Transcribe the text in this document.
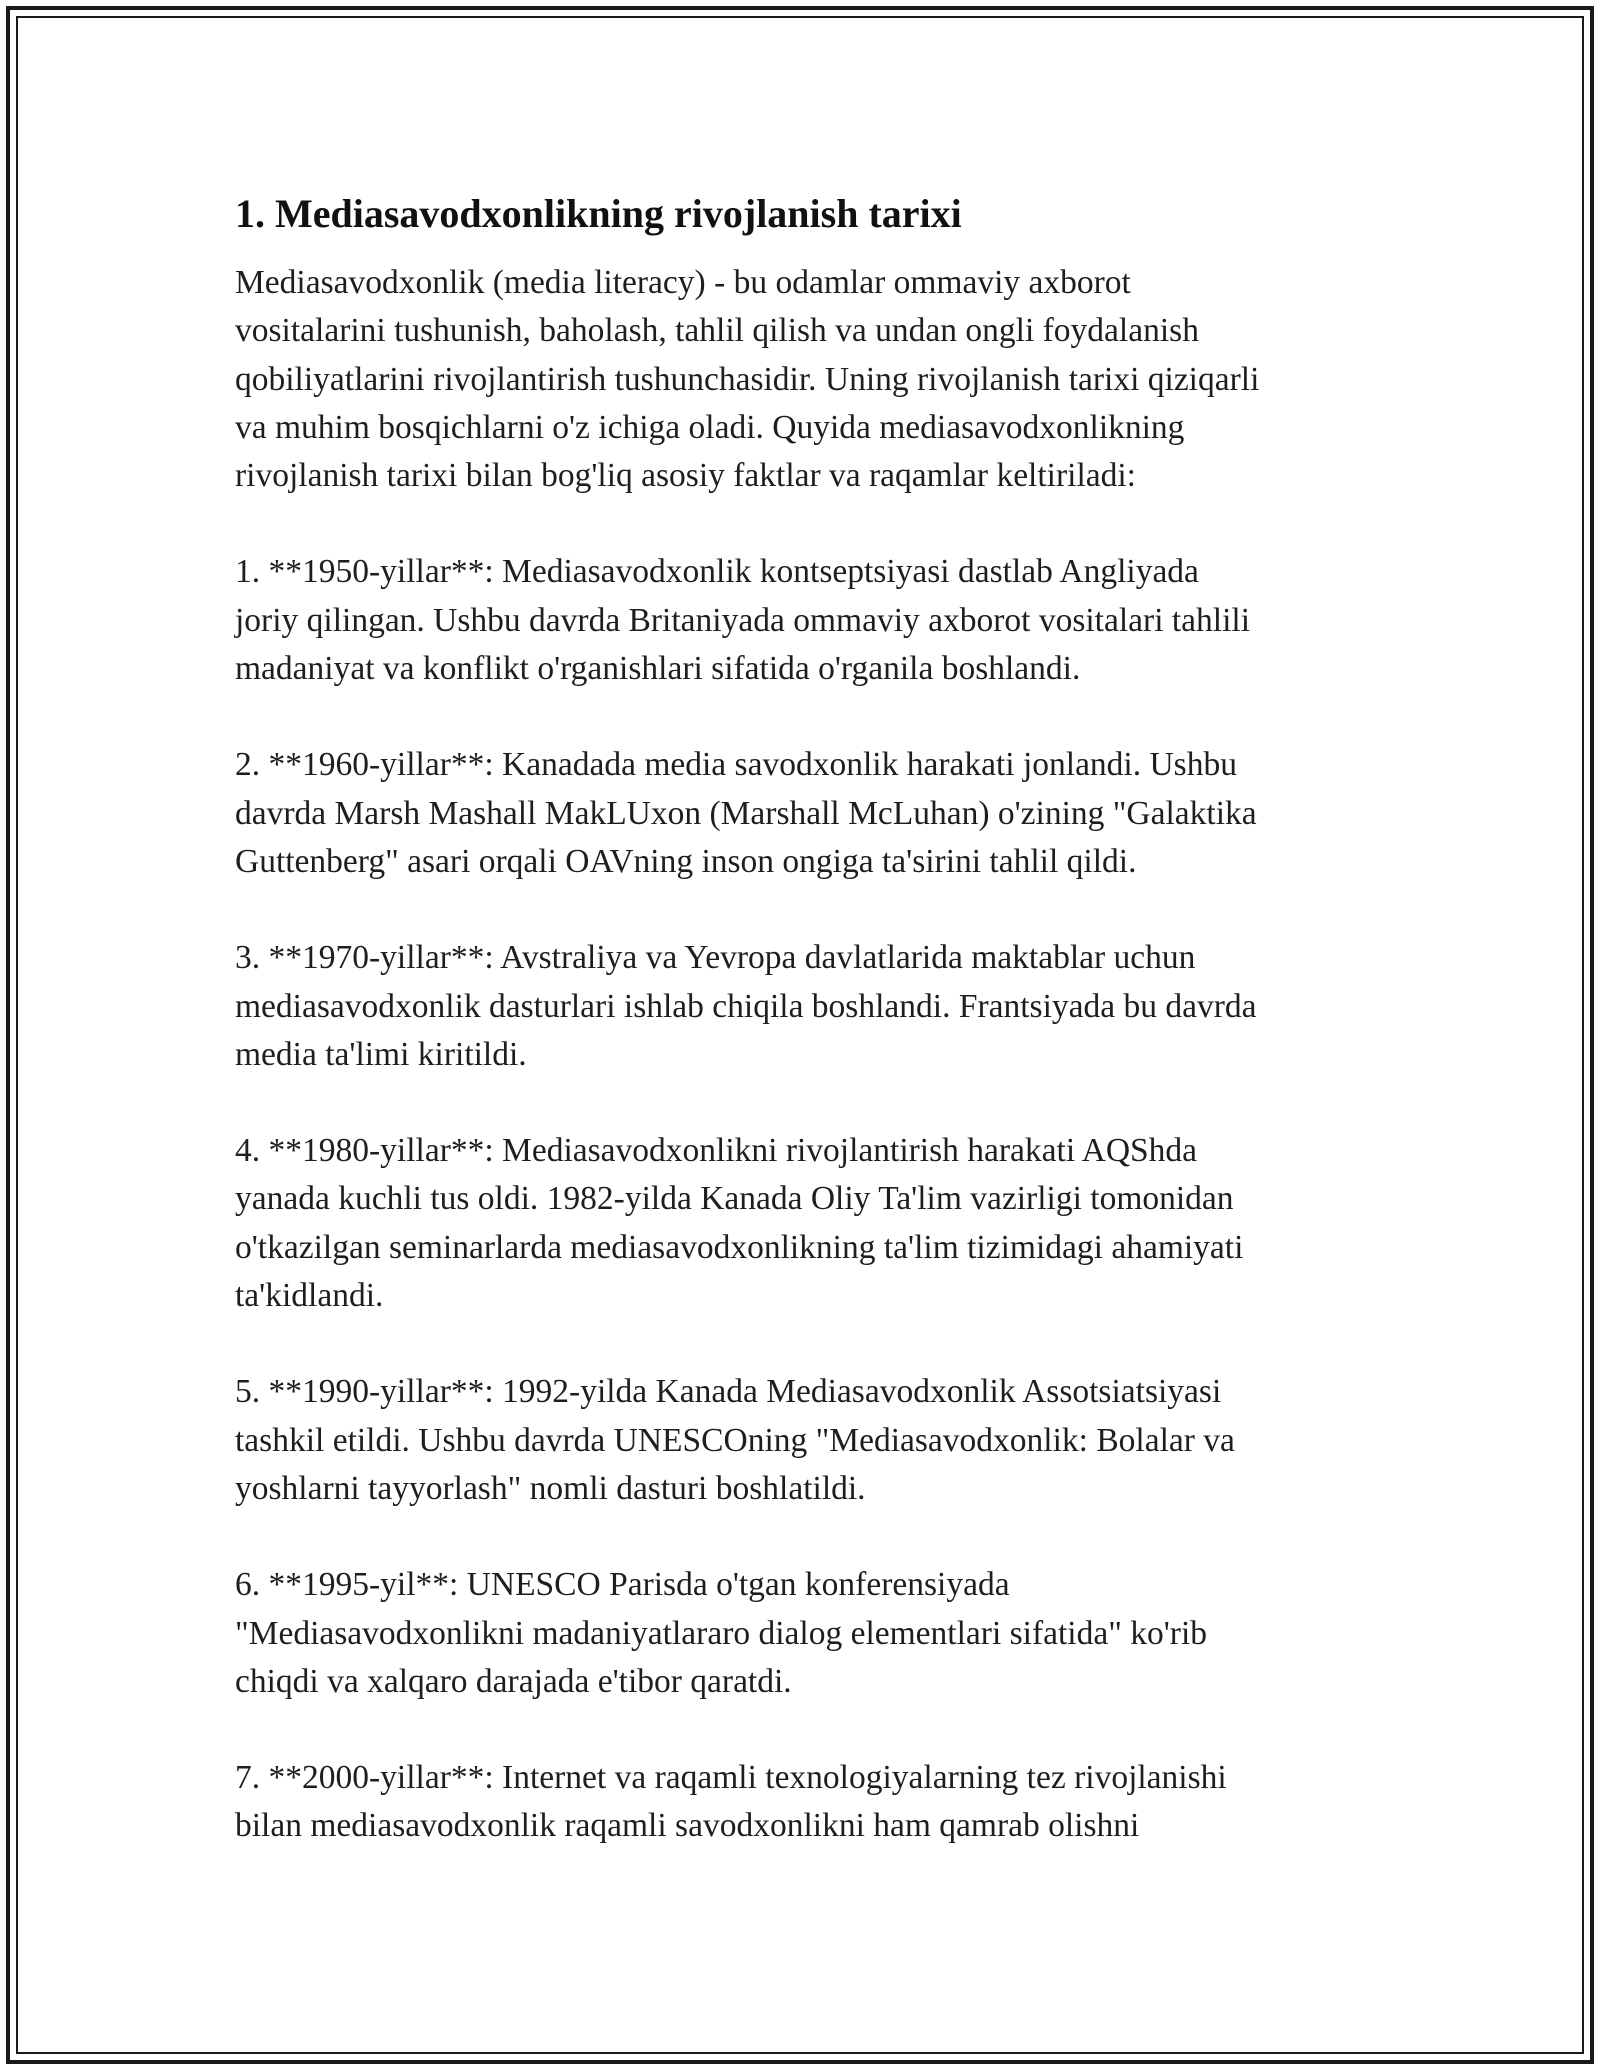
1. Mediasavodxonlikning rivojlanish tarixi

Mediasavodxonlik (media literacy) - bu odamlar ommaviy axborot
vositalarini tushunish, baholash, tahlil qilish va undan ongli foydalanish
qobiliyatlarini rivojlantirish tushunchasidir. Uning rivojlanish tarixi qiziqarli
va muhim bosqichlarni o'z ichiga oladi. Quyida mediasavodxonlikning
rivojlanish tarixi bilan bog'liq asosiy faktlar va raqamlar keltiriladi:

1. **1950-yillar**: Mediasavodxonlik kontseptsiyasi dastlab Angliyada
joriy qilingan. Ushbu davrda Britaniyada ommaviy axborot vositalari tahlili
madaniyat va konflikt o'rganishlari sifatida o'rganila boshlandi.

2. **1960-yillar**: Kanadada media savodxonlik harakati jonlandi. Ushbu
davrda Marsh Mashall MakLUxon (Marshall McLuhan) o'zining "Galaktika
Guttenberg" asari orqali OAVning inson ongiga ta'sirini tahlil qildi.

3. **1970-yillar**: Avstraliya va Yevropa davlatlarida maktablar uchun
mediasavodxonlik dasturlari ishlab chiqila boshlandi. Frantsiyada bu davrda
media ta'limi kiritildi.

4. **1980-yillar**: Mediasavodxonlikni rivojlantirish harakati AQShda
yanada kuchli tus oldi. 1982-yilda Kanada Oliy Ta'lim vazirligi tomonidan
o'tkazilgan seminarlarda mediasavodxonlikning ta'lim tizimidagi ahamiyati
ta'kidlandi.

5. **1990-yillar**: 1992-yilda Kanada Mediasavodxonlik Assotsiatsiyasi
tashkil etildi. Ushbu davrda UNESCOning "Mediasavodxonlik: Bolalar va
yoshlarni tayyorlash" nomli dasturi boshlatildi.

6. **1995-yil**: UNESCO Parisda o'tgan konferensiyada
"Mediasavodxonlikni madaniyatlararo dialog elementlari sifatida" ko'rib
chiqdi va xalqaro darajada e'tibor qaratdi.

7. **2000-yillar**: Internet va raqamli texnologiyalarning tez rivojlanishi
bilan mediasavodxonlik raqamli savodxonlikni ham qamrab olishni
